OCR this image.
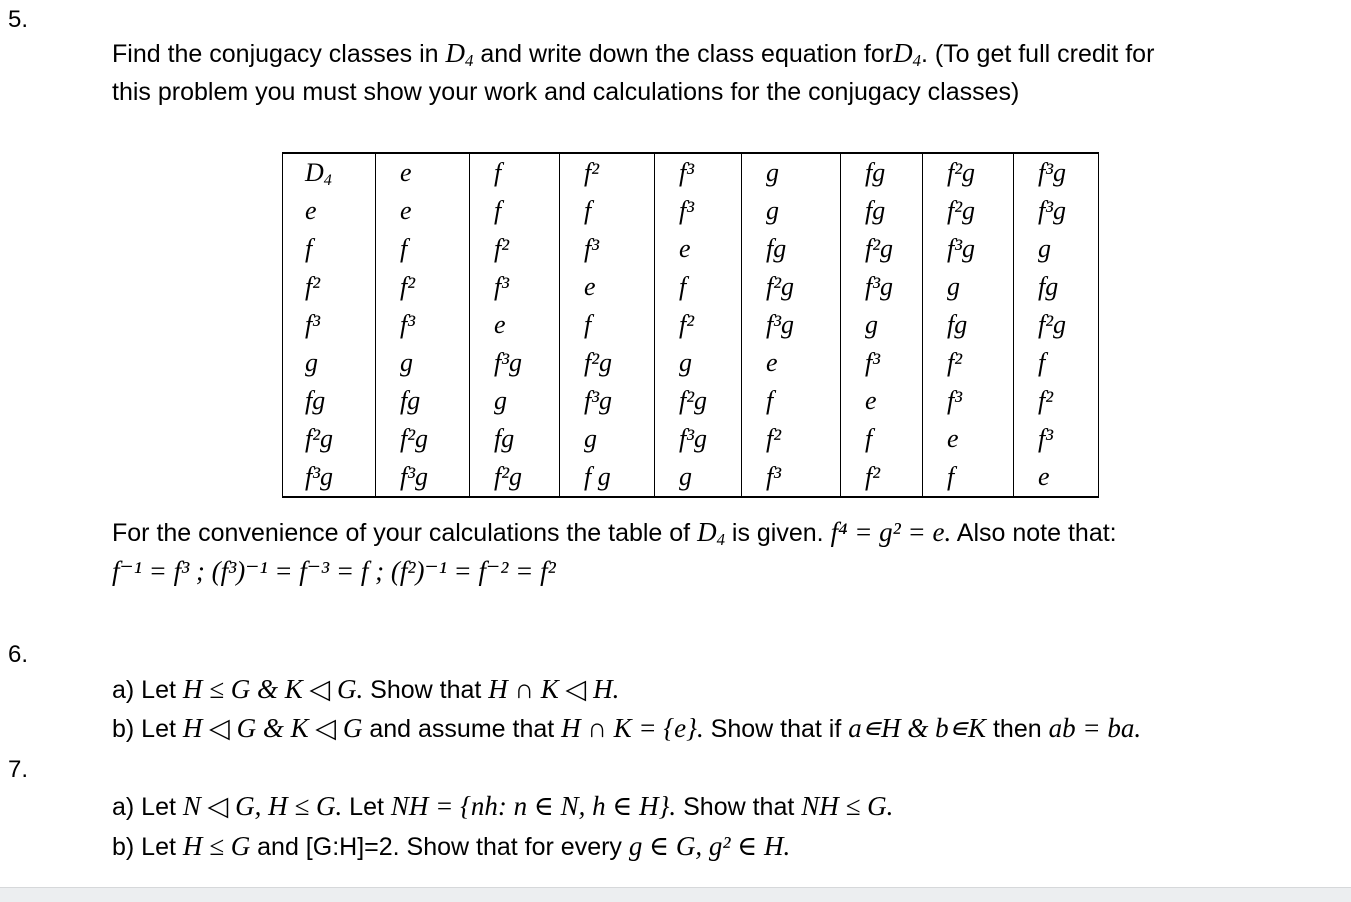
5.
Find the conjugacy classes in $D_4$ and write down the class equation forD$_4$. (To get full credit for
this problem you must show your work and calculations for the conjugacy classes)
$D_4$	e	f	f²	f³	g	fg	f²g	f³g
e	e	f	f	f³	g	fg	f²g	f³g
f	f	f²	f³	e	fg	f²g	f³g	g
f²	f²	f³	e	f	f²g	f³g	g	fg
f³	f³	e	f	f²	f³g	g	fg	f²g
g	g	f³g	f²g	g	e	f³	f²	f
fg	fg	g	f³g	f²g	f	e	f³	f²
f²g	f²g	fg	g	f³g	f²	f	e	f³
f³g	f³g	f²g	f g	g	f³	f²	f	e
For the convenience of your calculations the table of $D_4$ is given. f⁴ = g² = e. Also note that:
f⁻¹ = f³ ; (f³)⁻¹ = f⁻³ = f ; (f²)⁻¹ = f⁻² = f²
6.
a) Let H ≤ G & K ◁ G. Show that H ∩ K ◁ H.
b) Let H ◁ G & K ◁ G and assume that H ∩ K = {e}. Show that if a∊H & b∊K then ab = ba.
7.
a) Let N ◁ G, H ≤ G. Let NH = {nh: n ∈ N, h ∈ H}. Show that NH ≤ G.
b) Let H ≤ G and [G:H]=2. Show that for every g ∈ G, g² ∈ H.
